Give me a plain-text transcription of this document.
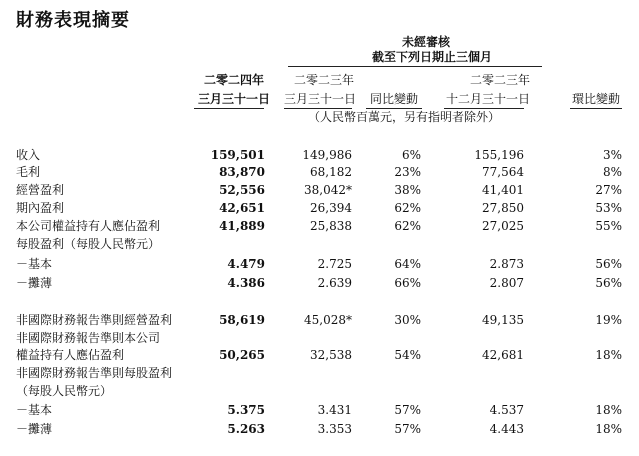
財務表現摘要
未經審核
截至下列日期止三個月
二零二四年
三月三十一日
二零二三年
三月三十一日 同比變動
二零二三年
十二月三十一日	環比變動
（人民幣百萬元，另有指明者除外）
收入	159,501	149,986	6%	155,196	3%
毛利	83,870	68,182	23%	77,564	8%
經營盈利	52,556	38,042*	38%	41,401	27%
期內盈利	42,651	26,394	62%	27,850	53%
本公司權益持有人應佔盈利	41,889	25,838	62%	27,025	55%
每股盈利（每股人民幣元）
－基本	4.479	2.725	64%	2.873	56%
－攤薄	4.386	2.639	66%	2.807	56%
非國際財務報告準則經營盈利	58,619	45,028*	30%	49,135	19%
非國際財務報告準則本公司
權益持有人應佔盈利	50,265	32,538	54%	42,681	18%
非國際財務報告準則每股盈利
（每股人民幣元）
－基本	5.375	3.431	57%	4.537	18%
－攤薄	5.263	3.353	57%	4.443	18%
